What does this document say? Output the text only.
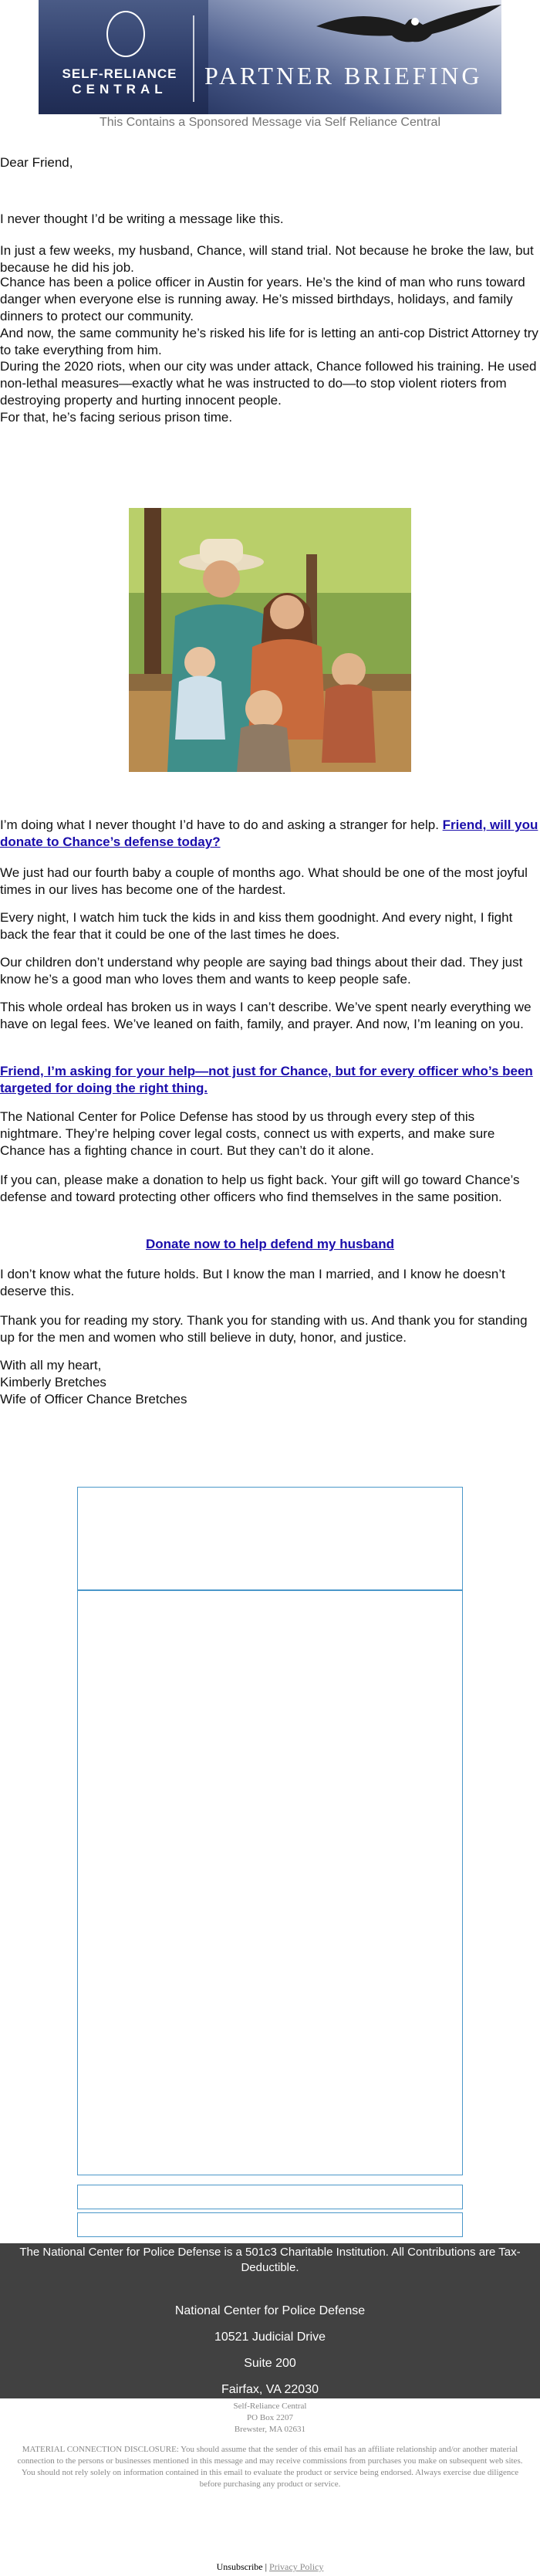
SELF-RELIANCE
CENTRAL	PARTNER BRIEFING
This Contains a Sponsored Message via Self Reliance Central
Dear Friend,
I never thought I’d be writing a message like this.
In just a few weeks, my husband, Chance, will stand trial. Not because he broke the law, but because he did his job.
Chance has been a police officer in Austin for years. He’s the kind of man who runs toward danger when everyone else is running away. He’s missed birthdays, holidays, and family dinners to protect our community.
And now, the same community he’s risked his life for is letting an anti-cop District Attorney try to take everything from him.
During the 2020 riots, when our city was under attack, Chance followed his training. He used non-lethal measures—exactly what he was instructed to do—to stop violent rioters from destroying property and hurting innocent people.
For that, he’s facing serious prison time.
I’m doing what I never thought I’d have to do and asking a stranger for help. Friend, will you donate to Chance’s defense today?
We just had our fourth baby a couple of months ago. What should be one of the most joyful times in our lives has become one of the hardest.
Every night, I watch him tuck the kids in and kiss them goodnight. And every night, I fight back the fear that it could be one of the last times he does.
Our children don’t understand why people are saying bad things about their dad. They just know he’s a good man who loves them and wants to keep people safe.
This whole ordeal has broken us in ways I can’t describe. We’ve spent nearly everything we have on legal fees. We’ve leaned on faith, family, and prayer. And now, I’m leaning on you.
Friend, I’m asking for your help—not just for Chance, but for every officer who’s been targeted for doing the right thing.
The National Center for Police Defense has stood by us through every step of this nightmare. They’re helping cover legal costs, connect us with experts, and make sure Chance has a fighting chance in court. But they can’t do it alone.
If you can, please make a donation to help us fight back. Your gift will go toward Chance’s defense and toward protecting other officers who find themselves in the same position.
Donate now to help defend my husband
I don’t know what the future holds. But I know the man I married, and I know he doesn’t deserve this.
Thank you for reading my story. Thank you for standing with us. And thank you for standing up for the men and women who still believe in duty, honor, and justice.
With all my heart,
Kimberly Bretches
Wife of Officer Chance Bretches
The National Center for Police Defense is a 501c3 Charitable Institution. All Contributions are Tax-Deductible.
National Center for Police Defense
10521 Judicial Drive
Suite 200
Fairfax, VA 22030
Self-Reliance Central
PO Box 2207
Brewster, MA 02631
MATERIAL CONNECTION DISCLOSURE: You should assume that the sender of this email has an affiliate relationship and/or another material connection to the persons or businesses mentioned in this message and may receive commissions from purchases you make on subsequent web sites. You should not rely solely on information contained in this email to evaluate the product or service being endorsed. Always exercise due diligence before purchasing any product or service.
Unsubscribe | Privacy Policy
